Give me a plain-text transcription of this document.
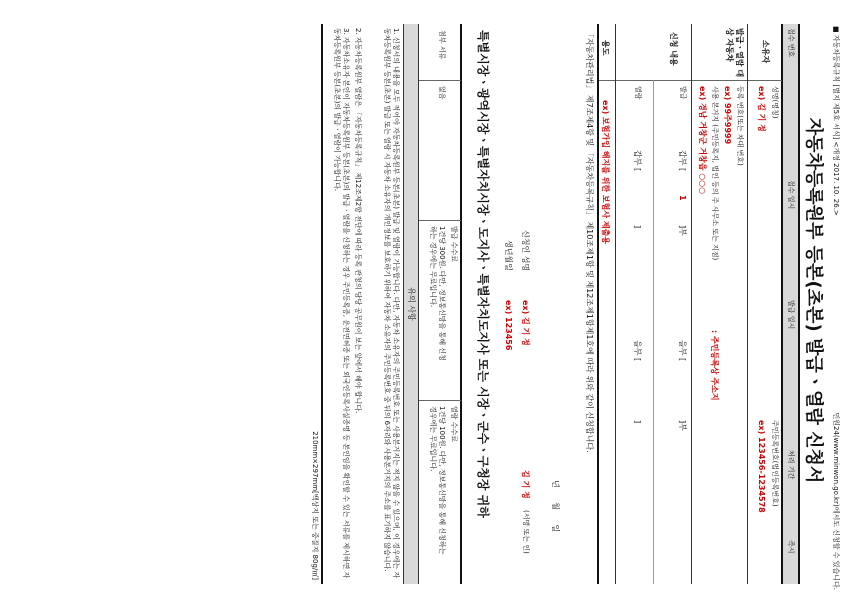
■ 자동차등록규칙 [별지 제5호 서식] <개정 2017. 10. 26.>
민원24(www.minwon.go.kr)에서도 신청할 수 있습니다.
자동차등록원부 등본(초본) 발급ㆍ열람 신청서
접수 번호
접수 일시
발급 일시
처리 기간
즉시
소유자
성명(명칭)
ex) 김 기 정
주민등록번호(법인등록번호)
ex) 123456-1234578
발급ㆍ열람 대상 자동차
등록 번호(또는 차대 번호)
ex) 99주9999
사용 본거지 (주민등록지, 법인 등의 주 사무소 또는 지점)
: 주민등록상 주소지
ex) 경남 거창군 거창읍 ○○○
신청 내용
발급
갑부 [
1
]부
을부 [
]부
열람
갑부 [
]
을부 [
]
용도
ex) 보험가입 해지를 위한 보험사 제출용
「자동차관리법」 제7조제4항 및 「자동차등록규칙」 제10조제1항 및 제12조제1항제1호에 따라 위와 같이 신청합니다.
년 월 일
신청인 성명
ex) 김 기 정
김 기 정
(서명 또는 인)
생년월일
ex) 123456
특별시장ㆍ광역시장ㆍ특별자치시장ㆍ도지사ㆍ특별자치도지사 또는 시장ㆍ군수ㆍ구청장 귀하
첨부 서류
없음
발급 수수료
1건당 300원. 다만, 정보통신망을 통해 신청하는 경우에는 무료입니다.
열람 수수료
1건당 100원. 다만, 정보통신망을 통해 신청하는 경우에는 무료입니다.
유의 사항
1. 신청서의 내용을 모두 적어야 자동차등록원부 등본(초본) 발급 및 열람이 가능합니다. 다만, 자동차 소유자의 주민등록번호 또는 사용본거지는 적지 않을 수 있으며, 이 경우에는 자동차등록원부 등본(초본) 발급 또는 열람 시 자동차 소유자의 개인정보를 보호하기 위하여 자동차 소유자의 주민등록번호 중 뒤의 6자리와 사용본거지의 주소를 표기하지 않습니다.
2. 자동차등록원부 열람은 「자동차등록규칙」 제12조제2항 전단에 따라 등록 관청의 담당 공무원이 보는 앞에서 해야 합니다.
3. 자동차소유자 본인이 자동차등록원부 등본(초본)의 발급ㆍ열람을 신청하는 경우 주민등록증, 운전면허증 또는 외국인등록사실증명 등 본인임을 확인할 수 있는 서류를 제시하면 자동차등록원부 등본(초본)의 발급ㆍ열람이 가능합니다.
210mm×297mm[백상지 또는 중질지 80g/㎡]
